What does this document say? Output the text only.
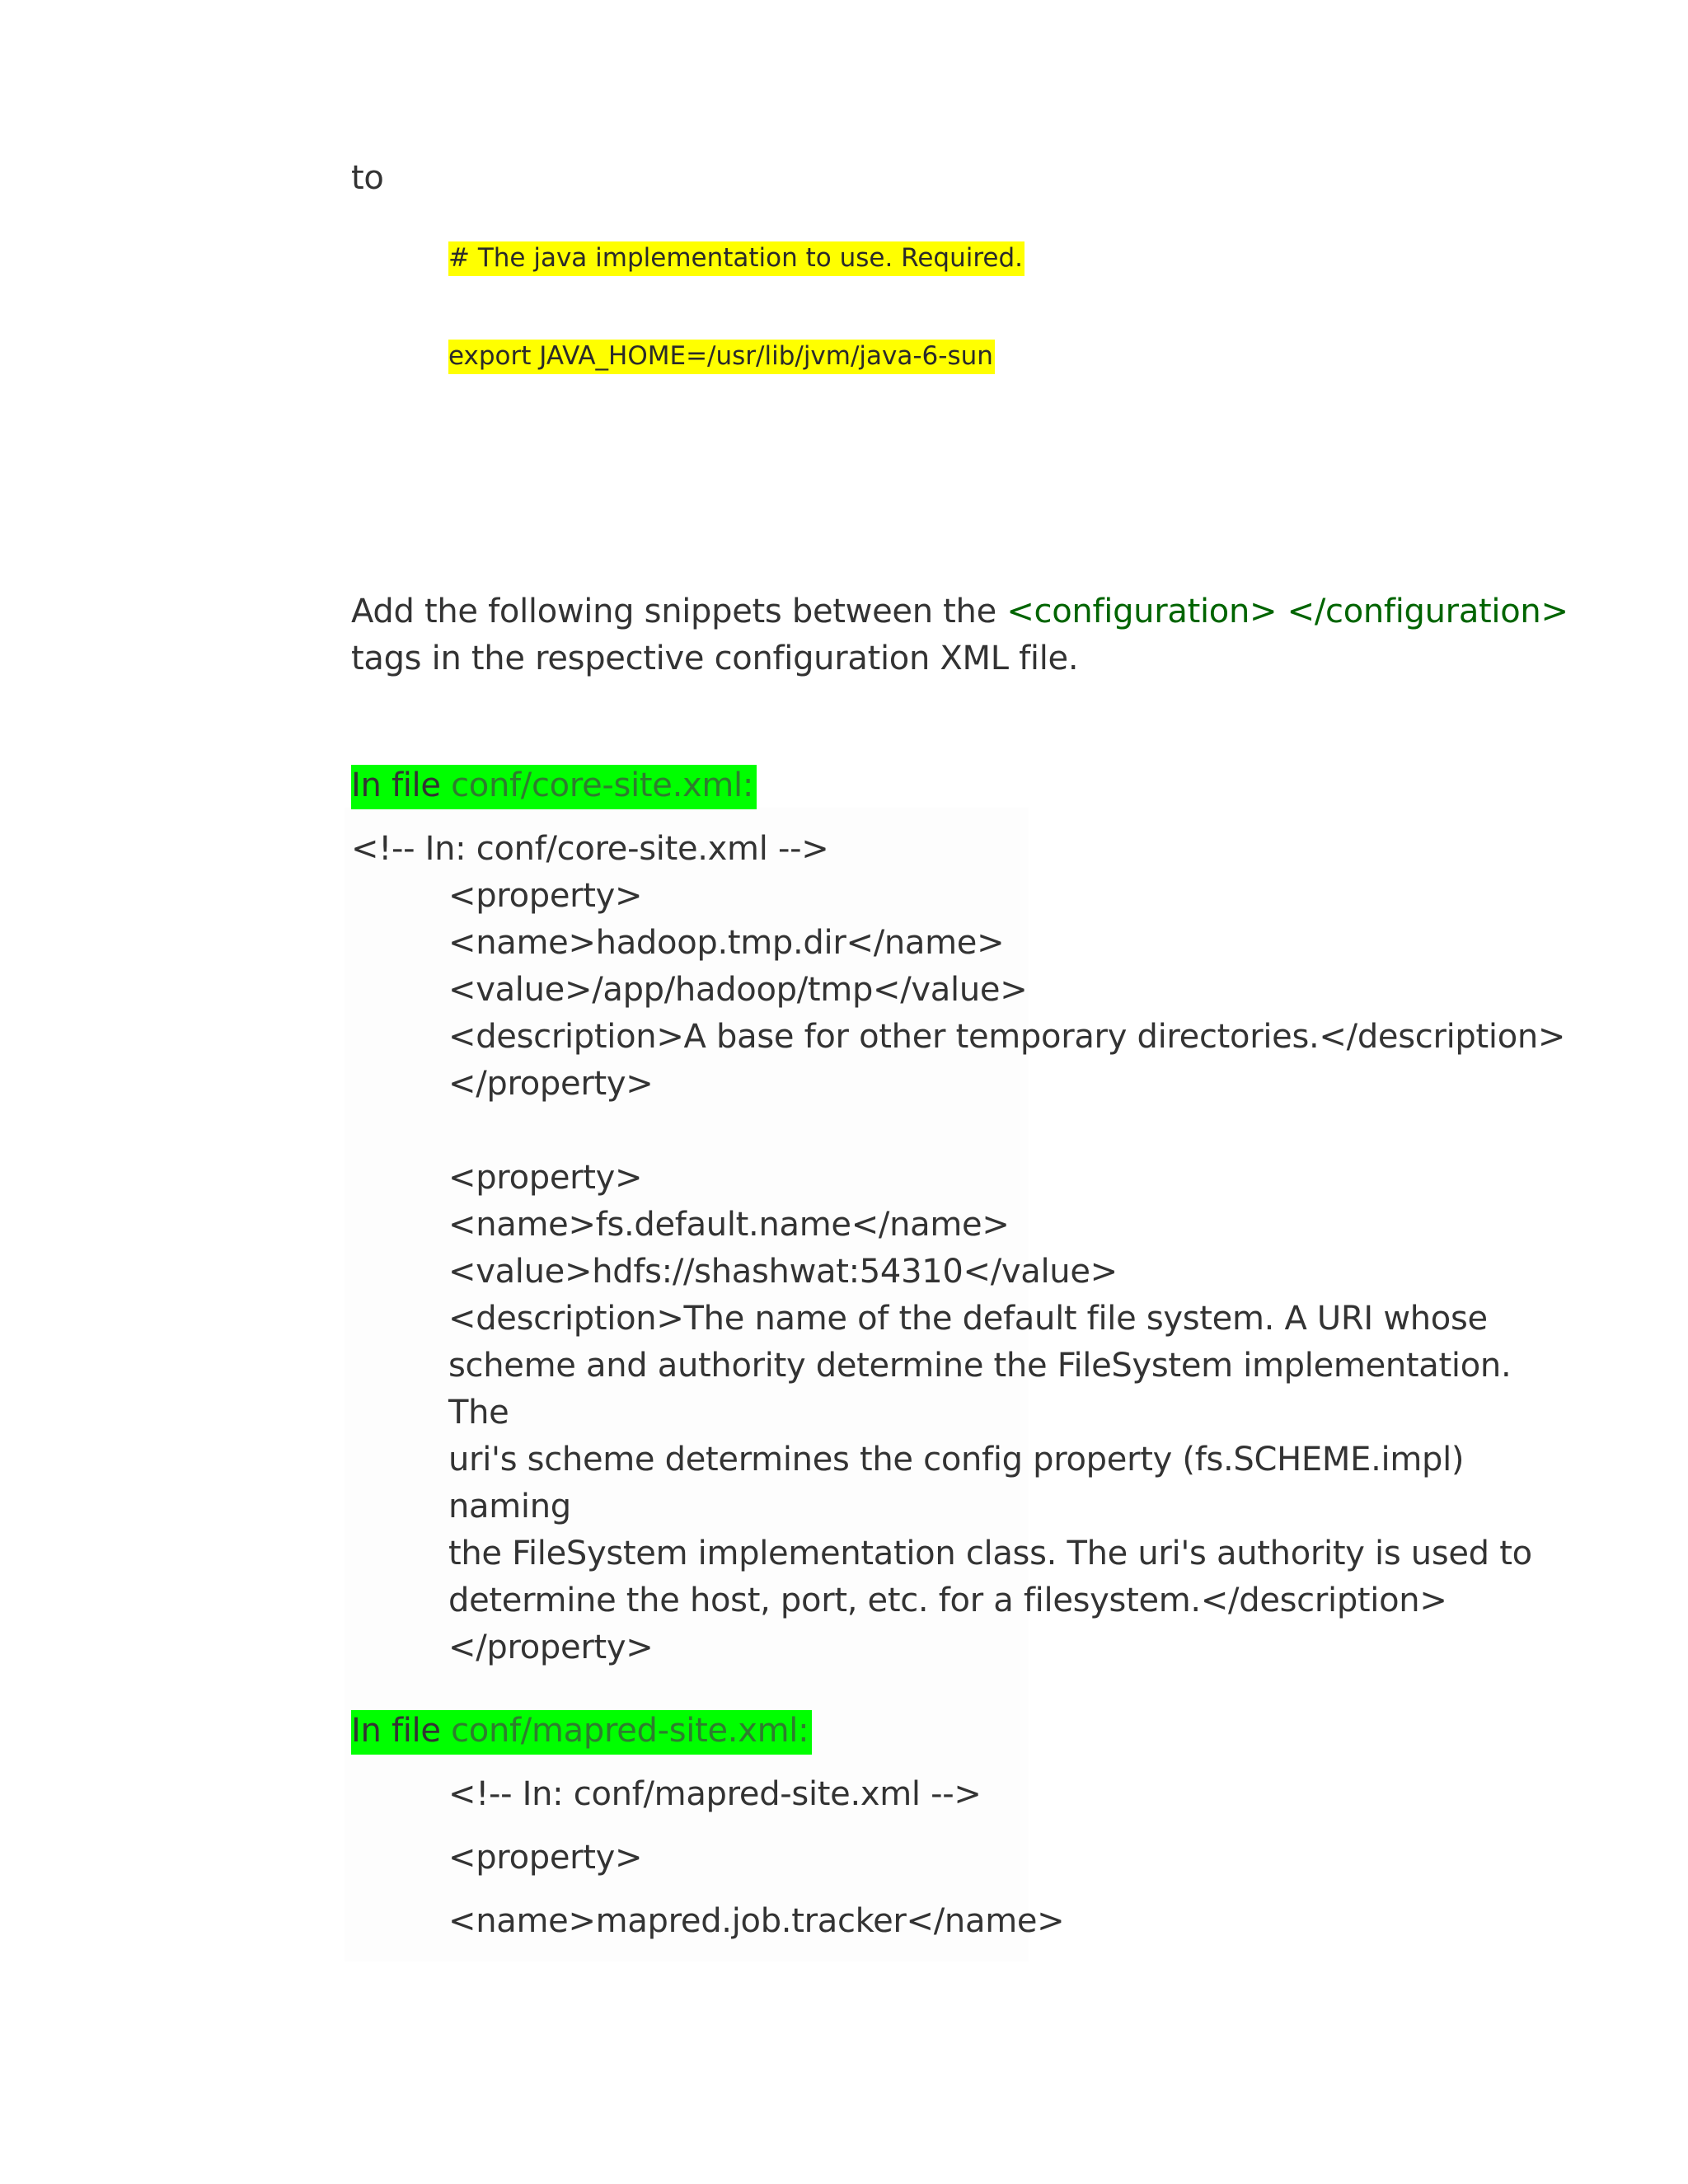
to
# The java implementation to use. Required.
export JAVA_HOME=/usr/lib/jvm/java-6-sun
Add the following snippets between the <configuration> </configuration>
tags in the respective configuration XML file.
In file conf/core-site.xml:
<!-- In: conf/core-site.xml -->
<property>
<name>hadoop.tmp.dir</name>
<value>/app/hadoop/tmp</value>
<description>A base for other temporary directories.</description>
</property>
<property>
<name>fs.default.name</name>
<value>hdfs://shashwat:54310</value>
<description>The name of the default file system. A URI whose
scheme and authority determine the FileSystem implementation.
The
uri's scheme determines the config property (fs.SCHEME.impl)
naming
the FileSystem implementation class. The uri's authority is used to
determine the host, port, etc. for a filesystem.</description>
</property>
In file conf/mapred-site.xml:
<!-- In: conf/mapred-site.xml -->
<property>
<name>mapred.job.tracker</name>
